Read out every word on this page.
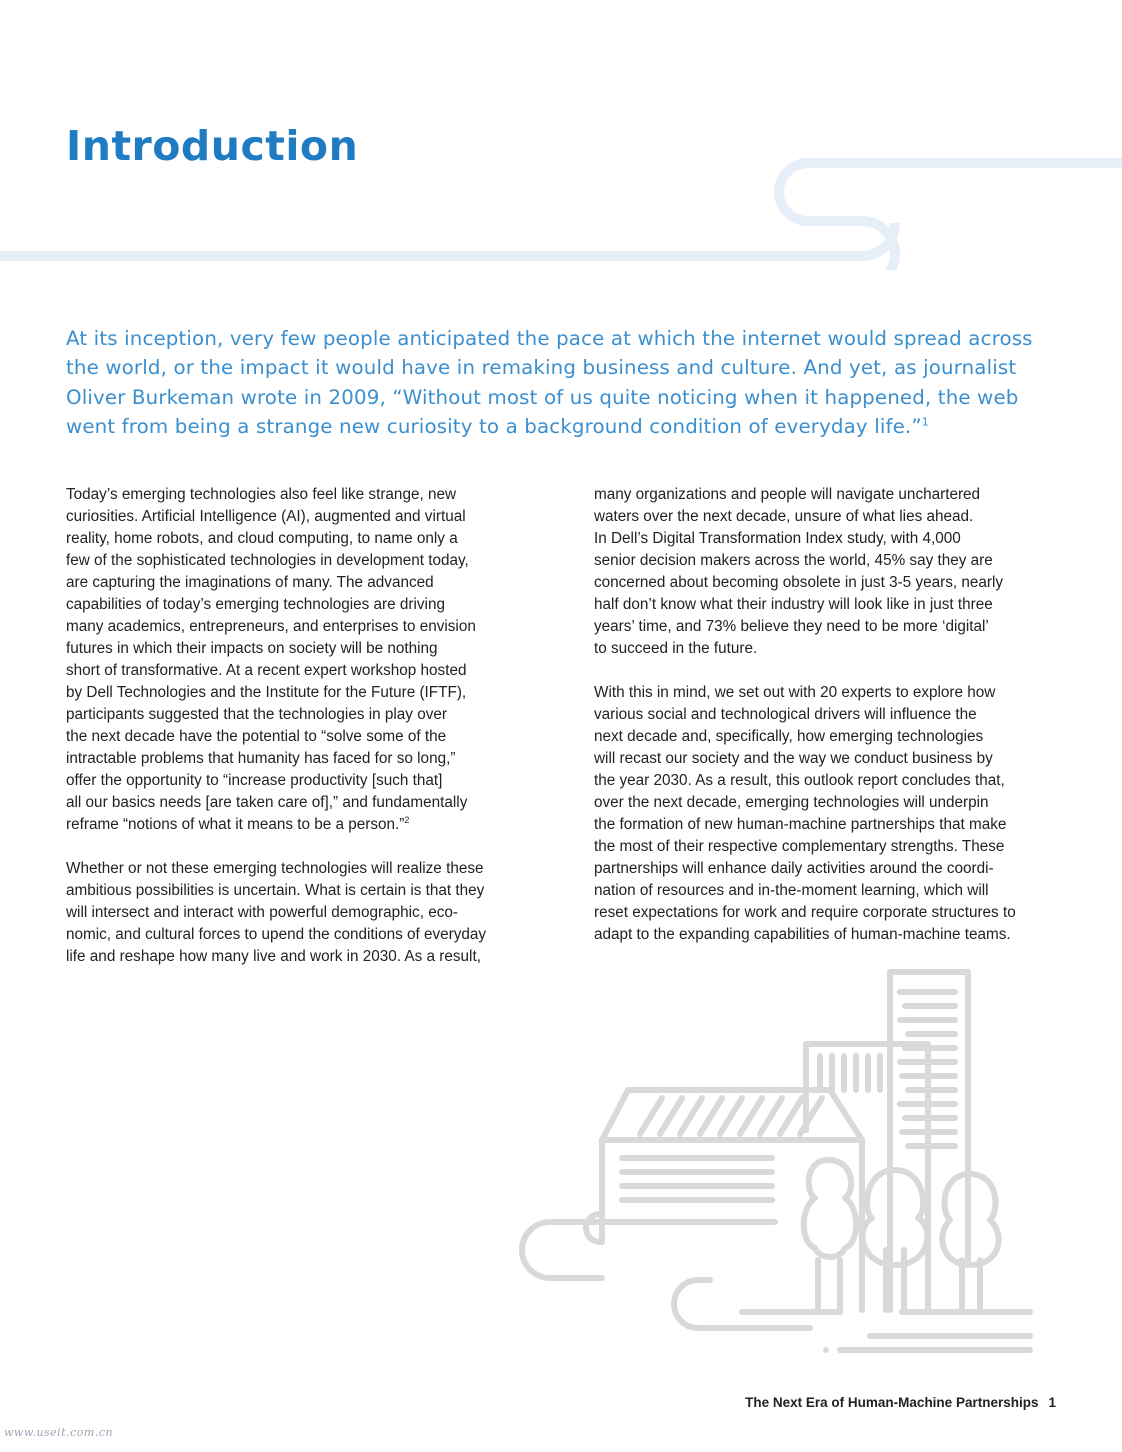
Introduction

At its inception, very few people anticipated the pace at which the internet would spread across the world, or the impact it would have in remaking business and culture. And yet, as journalist Oliver Burkeman wrote in 2009, “Without most of us quite noticing when it happened, the web went from being a strange new curiosity to a background condition of everyday life.”$^1$

Today’s emerging technologies also feel like strange, new
curiosities. Artificial Intelligence (AI), augmented and virtual
reality, home robots, and cloud computing, to name only a
few of the sophisticated technologies in development today,
are capturing the imaginations of many. The advanced
capabilities of today’s emerging technologies are driving
many academics, entrepreneurs, and enterprises to envision
futures in which their impacts on society will be nothing
short of transformative. At a recent expert workshop hosted
by Dell Technologies and the Institute for the Future (IFTF),
participants suggested that the technologies in play over
the next decade have the potential to “solve some of the
intractable problems that humanity has faced for so long,”
offer the opportunity to “increase productivity [such that]
all our basics needs [are taken care of],” and fundamentally
reframe “notions of what it means to be a person.”$^2$

Whether or not these emerging technologies will realize these
ambitious possibilities is uncertain. What is certain is that they
will intersect and interact with powerful demographic, eco-
nomic, and cultural forces to upend the conditions of everyday
life and reshape how many live and work in 2030. As a result,

many organizations and people will navigate unchartered
waters over the next decade, unsure of what lies ahead.
In Dell’s Digital Transformation Index study, with 4,000
senior decision makers across the world, 45% say they are
concerned about becoming obsolete in just 3-5 years, nearly
half don’t know what their industry will look like in just three
years’ time, and 73% believe they need to be more ‘digital’
to succeed in the future.

With this in mind, we set out with 20 experts to explore how
various social and technological drivers will influence the
next decade and, specifically, how emerging technologies
will recast our society and the way we conduct business by
the year 2030. As a result, this outlook report concludes that,
over the next decade, emerging technologies will underpin
the formation of new human-machine partnerships that make
the most of their respective complementary strengths. These
partnerships will enhance daily activities around the coordi-
nation of resources and in-the-moment learning, which will
reset expectations for work and require corporate structures to
adapt to the expanding capabilities of human-machine teams.

The Next Era of Human-Machine Partnerships 1
www.useit.com.cn
